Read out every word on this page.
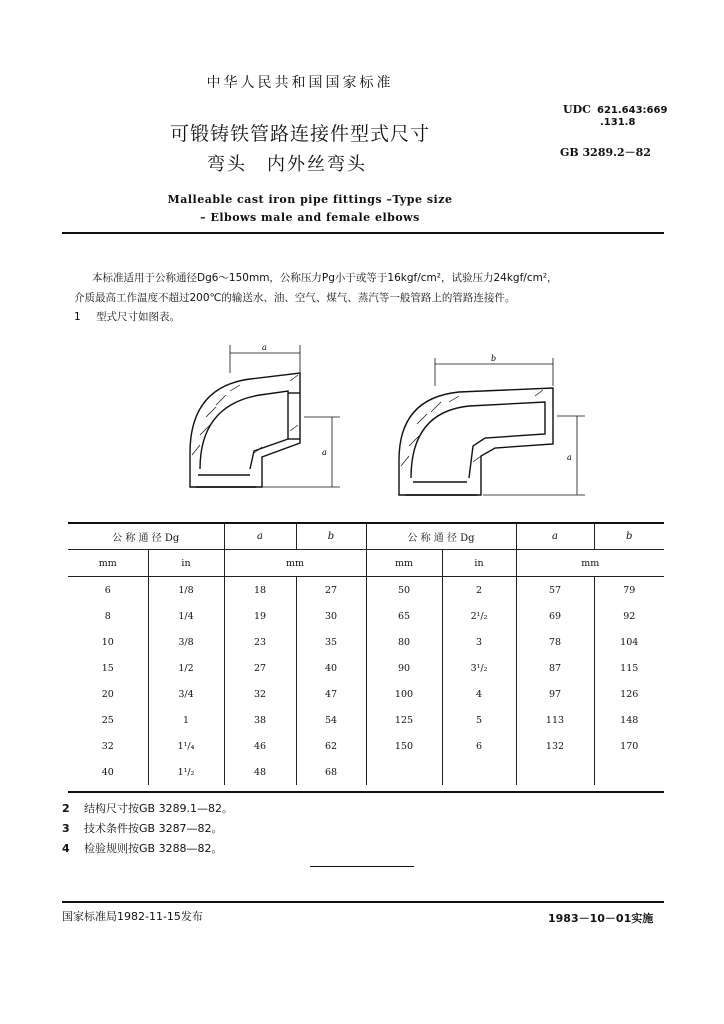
中华人民共和国国家标准
可锻铸铁管路连接件型式尺寸
弯头　内外丝弯头
Malleable cast iron pipe fittings –Type size
– Elbows male and female elbows
UDC 621.643:669
.131.8
GB 3289.2－82
本标准适用于公称通径Dg6～150mm，公称压力Pg小于或等于16kgf/cm²，试验压力24kgf/cm²，
介质最高工作温度不超过200℃的输送水、油、空气、煤气、蒸汽等一般管路上的管路连接件。
1 型式尺寸如图表。
a
a
b
a
公 称 通 径 Dg		a	b	公 称 通 径 Dg		a	b
mm	in	mm		mm	in	mm	
6	1/8	18	27	50	2	57	79
8	1/4	19	30	65	2¹/₂	69	92
10	3/8	23	35	80	3	78	104
15	1/2	27	40	90	3¹/₂	87	115
20	3/4	32	47	100	4	97	126
25	1	38	54	125	5	113	148
32	1¹/₄	46	62	150	6	132	170
40	1¹/₂	48	68				
2 结构尺寸按GB 3289.1—82。
3 技术条件按GB 3287—82。
4 检验规则按GB 3288—82。
国家标准局1982-11-15发布	1983－10－01实施
